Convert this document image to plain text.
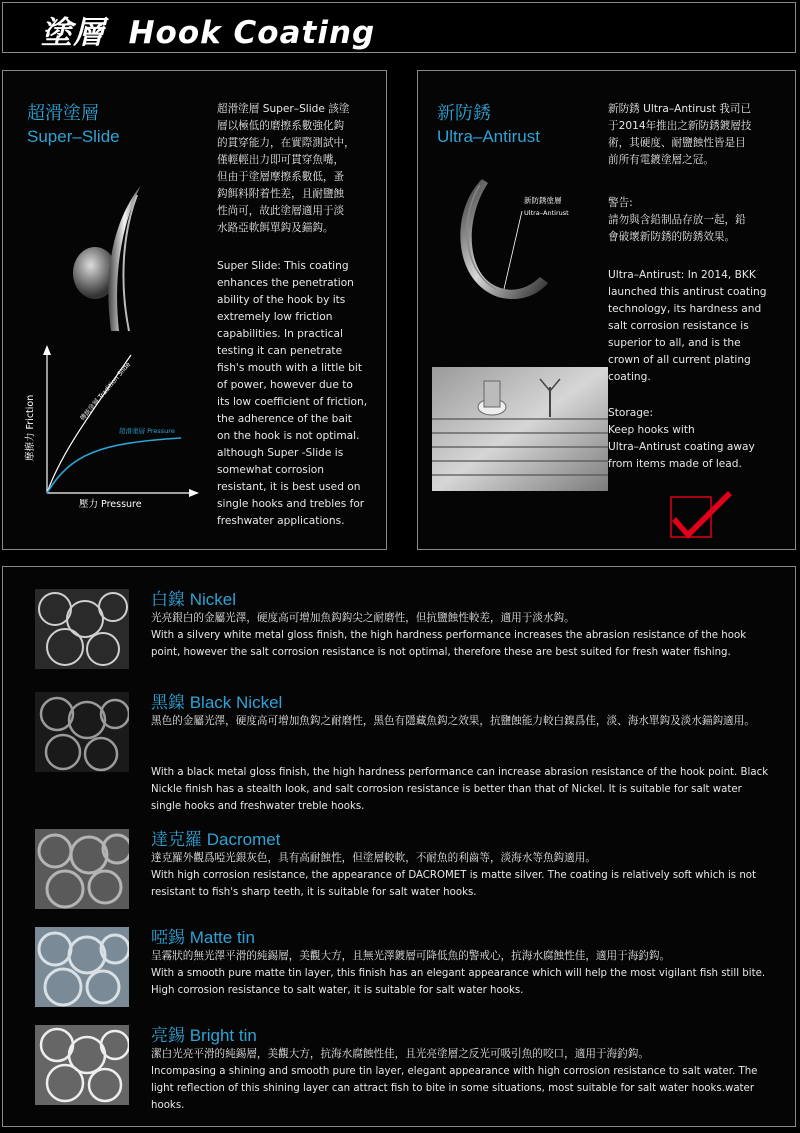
塗層 Hook Coating
超滑塗層
Super–Slide
摩擦力 Friction
壓力 Pressure
傳統塗層 Tradition Slide
超滑塗層 Pressure

超滑塗層 Super–Slide 該塗

層以極低的磨擦系數強化鈎

的貫穿能力，在實際測試中，

僅輕輕出力即可貫穿魚嘴，

但由于塗層摩擦系數低，蚤

鈎餌料附着性差，且耐鹽蝕

性尚可，故此塗層適用于淡

水路亞軟餌單鈎及錨鈎。

Super Slide: This coating

enhances the penetration

ability of the hook by its

extremely low friction

capabilities. In practical

testing it can penetrate

fish's mouth with a little bit

of power, however due to

its low coefficient of friction,

the adherence of the bait

on the hook is not optimal.

although Super -Slide is

somewhat corrosion

resistant, it is best used on

single hooks and trebles for

freshwater applications.

新防銹
Ultra–Antirust
新防銹塗層
Ultra–Antirust

新防銹 Ultra–Antirust 我司已

于2014年推出之新防銹鍍層技

術，其硬度、耐鹽蝕性皆是目

前所有電鍍塗層之冠。

警告:

請勿與含鉛制品存放一起，鉛

會破壞新防銹的防銹效果。

Ultra–Antirust: In 2014, BKK

launched this antirust coating

technology, its hardness and

salt corrosion resistance is

superior to all, and is the

crown of all current plating

coating.

Storage:

Keep hooks with

Ultra–Antirust coating away

from items made of lead.

白鎳 Nickel
光亮銀白的金屬光澤，硬度高可增加魚鈎鈎尖之耐磨性，但抗鹽蝕性較差，適用于淡水鈎。
With a silvery white metal gloss finish, the high hardness performance increases the abrasion resistance of the hook point, however the salt corrosion resistance is not optimal, therefore these are best suited for fresh water fishing.
黑鎳 Black Nickel
黑色的金屬光澤，硬度高可增加魚鈎之耐磨性，黑色有隱藏魚鈎之效果，抗鹽蝕能力較白鎳爲佳，淡、海水單鈎及淡水錨鈎適用。
With a black metal gloss finish, the high hardness performance can increase abrasion resistance of the hook point. Black Nickle finish has a stealth look, and salt corrosion resistance is better than that of Nickel. It is suitable for salt water single hooks and freshwater treble hooks.
達克羅 Dacromet
達克羅外觀爲啞光銀灰色，具有高耐蝕性，但塗層較軟，不耐魚的利齒等，淡海水等魚鈎適用。
With high corrosion resistance, the appearance of DACROMET is matte silver. The coating is relatively soft which is not resistant to fish's sharp teeth, it is suitable for salt water hooks.
啞錫 Matte tin
呈霧狀的無光澤平滑的純錫層，美觀大方，且無光澤鍍層可降低魚的警戒心，抗海水腐蝕性佳，適用于海釣鈎。
With a smooth pure matte tin layer, this finish has an elegant appearance which will help the most vigilant fish still bite. High corrosion resistance to salt water, it is suitable for salt water hooks.
亮錫 Bright tin
潔白光亮平滑的純錫層，美觀大方，抗海水腐蝕性佳，且光亮塗層之反光可吸引魚的咬口，適用于海釣鈎。
Incompasing a shining and smooth pure tin layer, elegant appearance with high corrosion resistance to salt water. The light reflection of this shining layer can attract fish to bite in some situations, most suitable for salt water hooks.water hooks.
